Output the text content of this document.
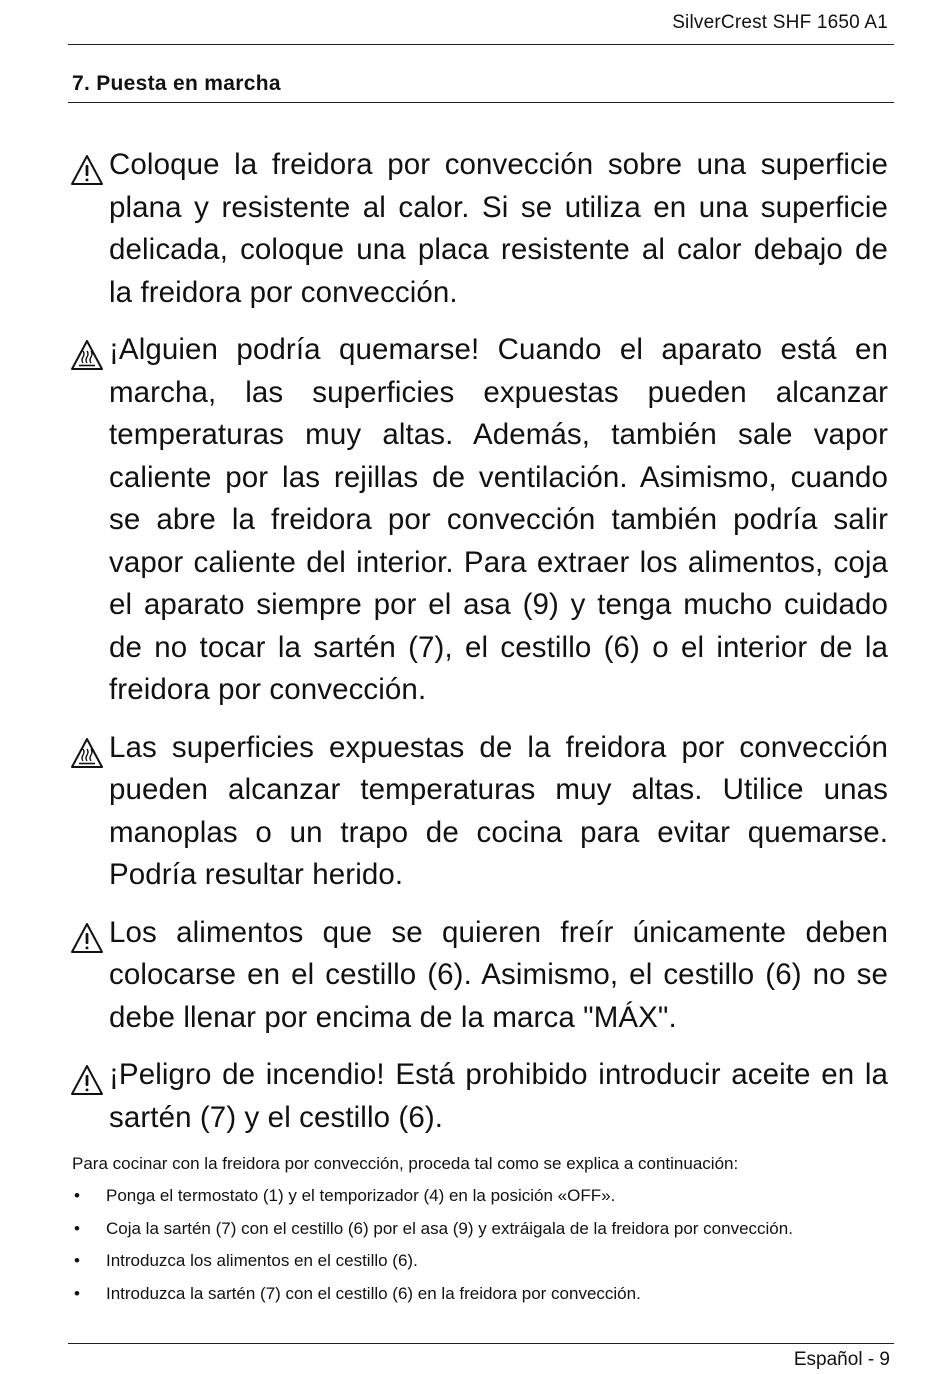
SilverCrest SHF 1650 A1
7. Puesta en marcha

Coloque la freidora por convección sobre una superficie plana y resistente al calor. Si se utiliza en una superficie delicada, coloque una placa resistente al calor debajo de la freidora por convección.

¡Alguien podría quemarse! Cuando el aparato está en marcha, las superficies expuestas pueden alcanzar temperaturas muy altas. Además, también sale vapor caliente por las rejillas de ventilación. Asimismo, cuando se abre la freidora por convección también podría salir vapor caliente del interior. Para extraer los alimentos, coja el aparato siempre por el asa (9) y tenga mucho cuidado de no tocar la sartén (7), el cestillo (6) o el interior de la freidora por convección.

Las superficies expuestas de la freidora por convección pueden alcanzar temperaturas muy altas. Utilice unas manoplas o un trapo de cocina para evitar quemarse. Podría resultar herido.

Los alimentos que se quieren freír únicamente deben colocarse en el cestillo (6). Asimismo, el cestillo (6) no se debe llenar por encima de la marca "MÁX".

¡Peligro de incendio! Está prohibido introducir aceite en la sartén (7) y el cestillo (6).

Para cocinar con la freidora por convección, proceda tal como se explica a continuación:

• Ponga el termostato (1) y el temporizador (4) en la posición «OFF».
• Coja la sartén (7) con el cestillo (6) por el asa (9) y extráigala de la freidora por convección.
• Introduzca los alimentos en el cestillo (6).
• Introduzca la sartén (7) con el cestillo (6) en la freidora por convección.
Español - 9
